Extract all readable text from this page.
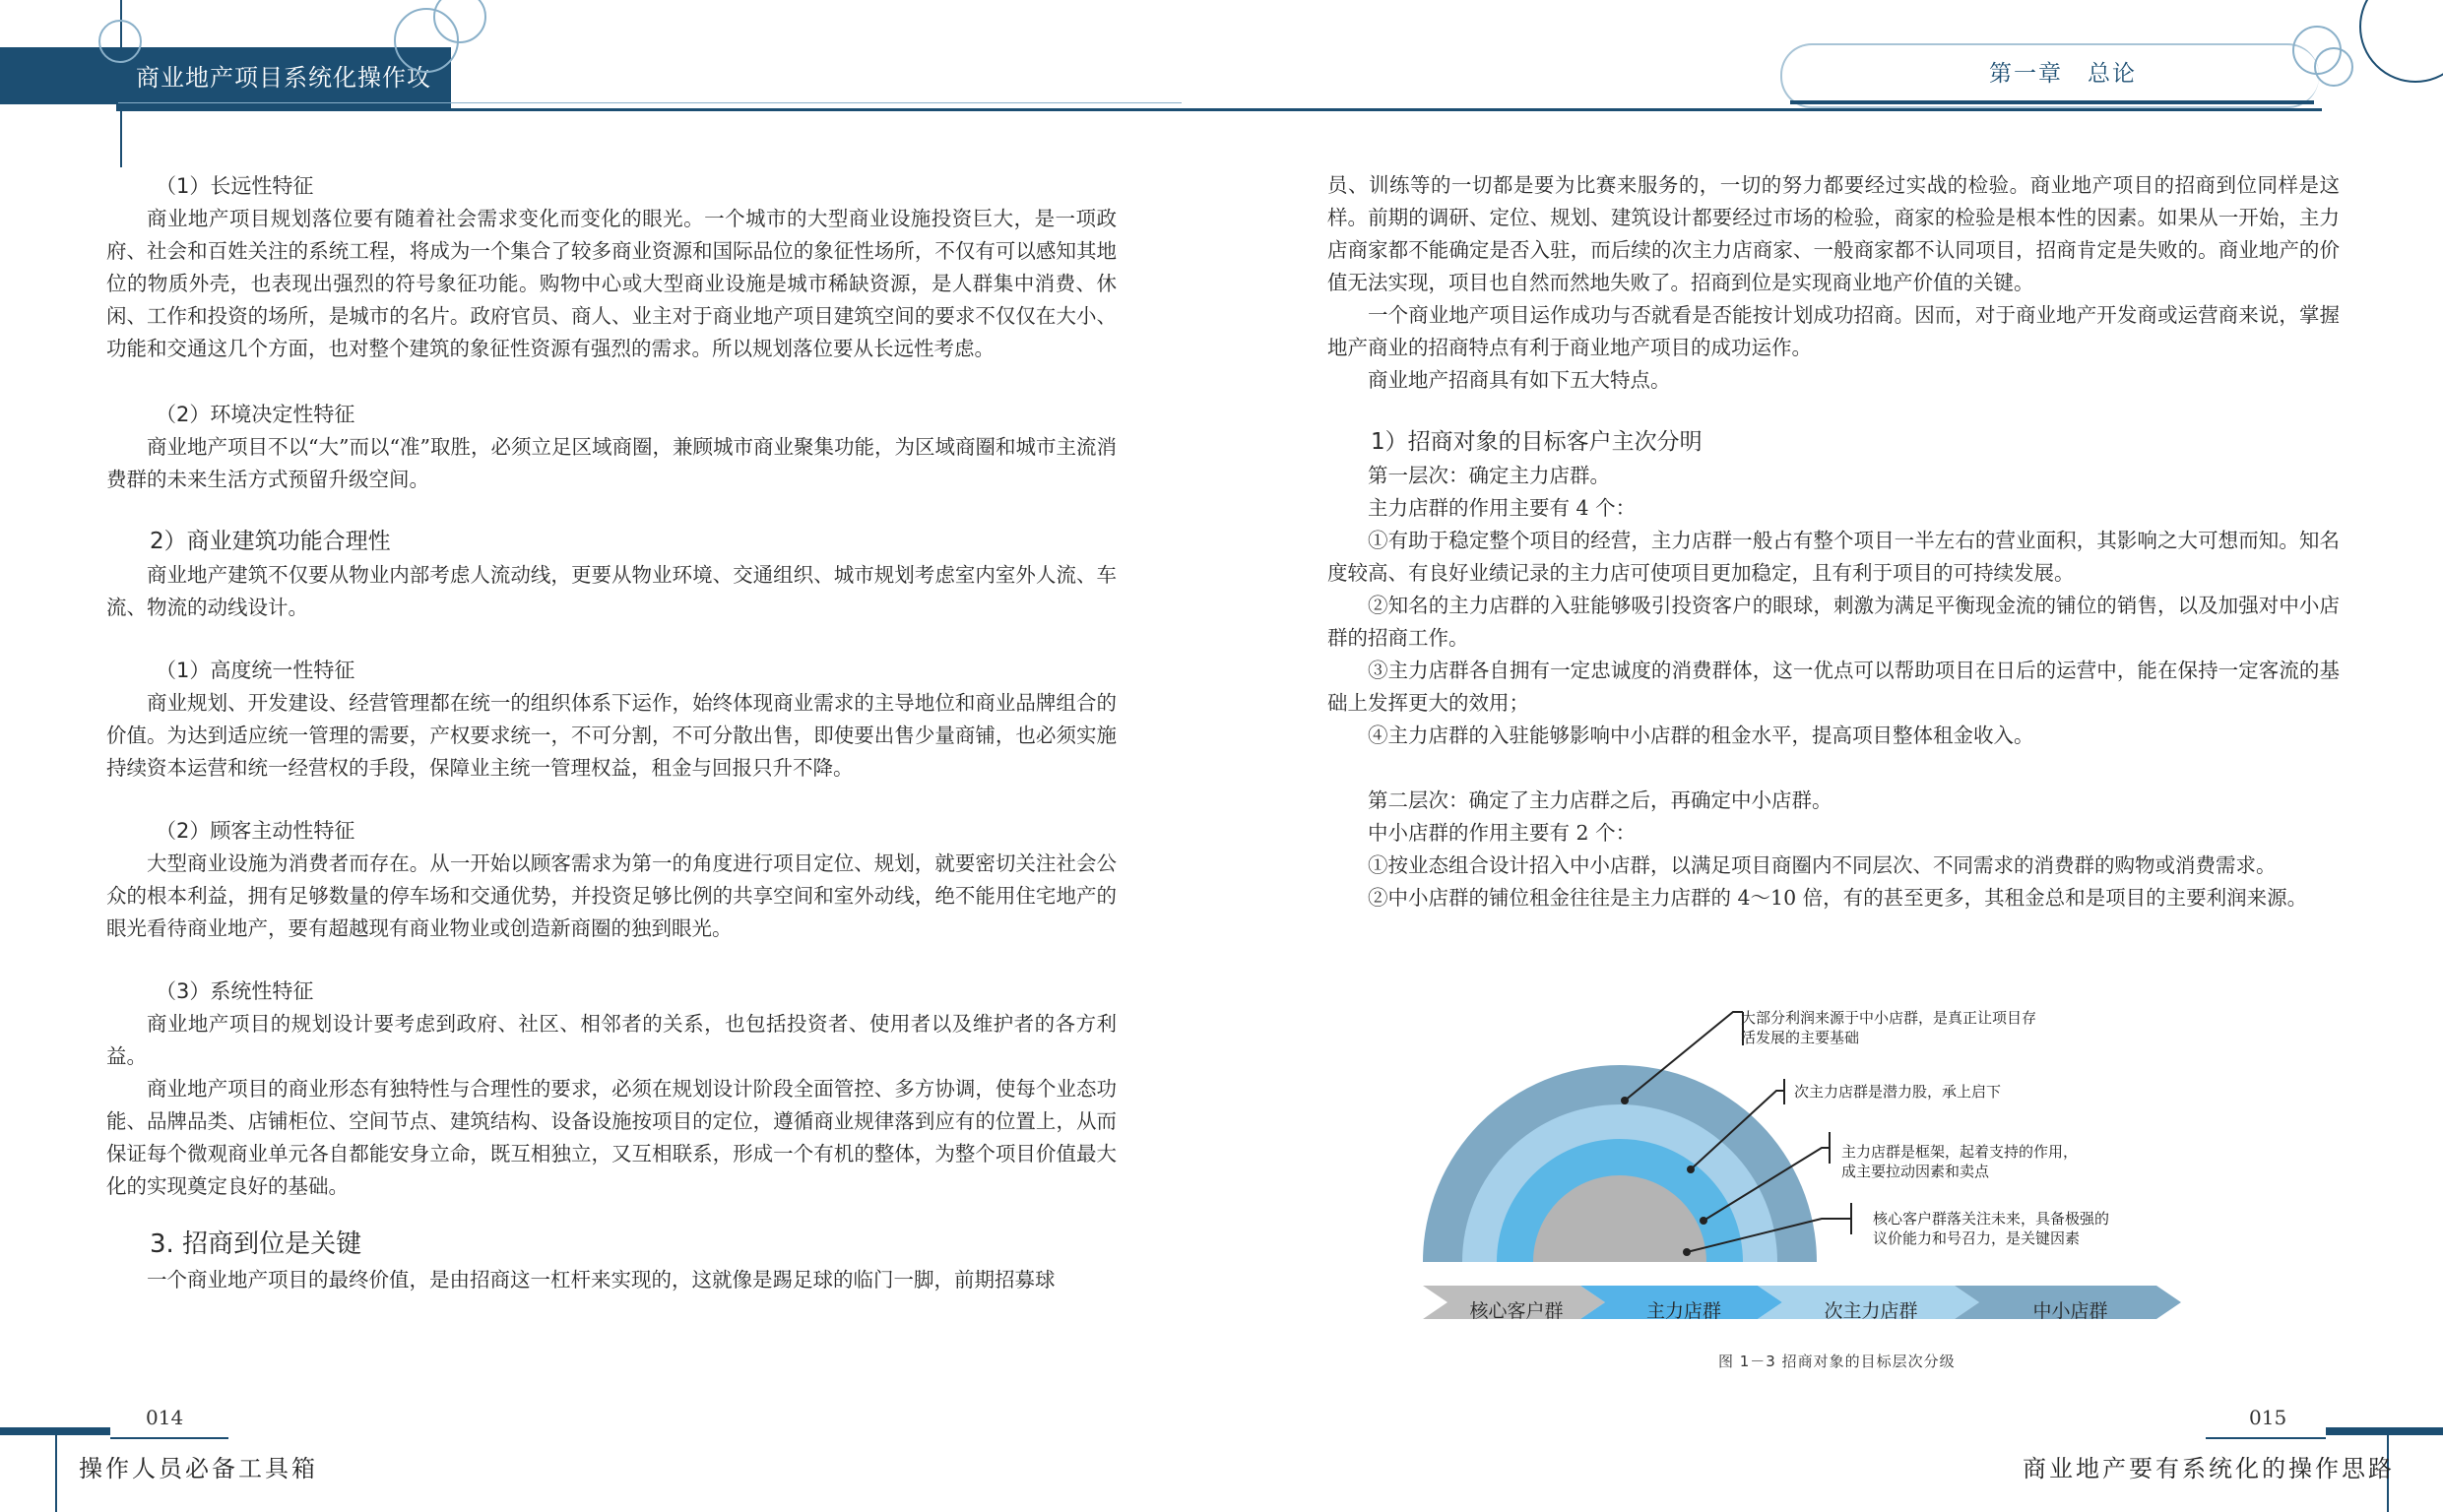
商业地产项目系统化操作攻略
第一章　总论

（1）长远性特征

商业地产项目规划落位要有随着社会需求变化而变化的眼光。一个城市的大型商业设施投资巨大，是一项政府、社会和百姓关注的系统工程，将成为一个集合了较多商业资源和国际品位的象征性场所，不仅有可以感知其地位的物质外壳，也表现出强烈的符号象征功能。购物中心或大型商业设施是城市稀缺资源，是人群集中消费、休闲、工作和投资的场所，是城市的名片。政府官员、商人、业主对于商业地产项目建筑空间的要求不仅仅在大小、功能和交通这几个方面，也对整个建筑的象征性资源有强烈的需求。所以规划落位要从长远性考虑。

（2）环境决定性特征

商业地产项目不以“大”而以“准”取胜，必须立足区域商圈，兼顾城市商业聚集功能，为区域商圈和城市主流消费群的未来生活方式预留升级空间。

2）商业建筑功能合理性

商业地产建筑不仅要从物业内部考虑人流动线，更要从物业环境、交通组织、城市规划考虑室内室外人流、车流、物流的动线设计。

（1）高度统一性特征

商业规划、开发建设、经营管理都在统一的组织体系下运作，始终体现商业需求的主导地位和商业品牌组合的价值。为达到适应统一管理的需要，产权要求统一，不可分割，不可分散出售，即使要出售少量商铺，也必须实施持续资本运营和统一经营权的手段，保障业主统一管理权益，租金与回报只升不降。

（2）顾客主动性特征

大型商业设施为消费者而存在。从一开始以顾客需求为第一的角度进行项目定位、规划，就要密切关注社会公众的根本利益，拥有足够数量的停车场和交通优势，并投资足够比例的共享空间和室外动线，绝不能用住宅地产的眼光看待商业地产，要有超越现有商业物业或创造新商圈的独到眼光。

（3）系统性特征

商业地产项目的规划设计要考虑到政府、社区、相邻者的关系，也包括投资者、使用者以及维护者的各方利益。

商业地产项目的商业形态有独特性与合理性的要求，必须在规划设计阶段全面管控、多方协调，使每个业态功能、品牌品类、店铺柜位、空间节点、建筑结构、设备设施按项目的定位，遵循商业规律落到应有的位置上，从而保证每个微观商业单元各自都能安身立命，既互相独立，又互相联系，形成一个有机的整体，为整个项目价值最大化的实现奠定良好的基础。

3. 招商到位是关键

一个商业地产项目的最终价值，是由招商这一杠杆来实现的，这就像是踢足球的临门一脚，前期招募球

员、训练等的一切都是要为比赛来服务的，一切的努力都要经过实战的检验。商业地产项目的招商到位同样是这样。前期的调研、定位、规划、建筑设计都要经过市场的检验，商家的检验是根本性的因素。如果从一开始，主力店商家都不能确定是否入驻，而后续的次主力店商家、一般商家都不认同项目，招商肯定是失败的。商业地产的价值无法实现，项目也自然而然地失败了。招商到位是实现商业地产价值的关键。

一个商业地产项目运作成功与否就看是否能按计划成功招商。因而，对于商业地产开发商或运营商来说，掌握地产商业的招商特点有利于商业地产项目的成功运作。

商业地产招商具有如下五大特点。

1）招商对象的目标客户主次分明

第一层次：确定主力店群。

主力店群的作用主要有 4 个：

①有助于稳定整个项目的经营，主力店群一般占有整个项目一半左右的营业面积，其影响之大可想而知。知名度较高、有良好业绩记录的主力店可使项目更加稳定，且有利于项目的可持续发展。

②知名的主力店群的入驻能够吸引投资客户的眼球，刺激为满足平衡现金流的铺位的销售，以及加强对中小店群的招商工作。

③主力店群各自拥有一定忠诚度的消费群体，这一优点可以帮助项目在日后的运营中，能在保持一定客流的基础上发挥更大的效用；

④主力店群的入驻能够影响中小店群的租金水平，提高项目整体租金收入。

第二层次：确定了主力店群之后，再确定中小店群。

中小店群的作用主要有 2 个：

①按业态组合设计招入中小店群，以满足项目商圈内不同层次、不同需求的消费群的购物或消费需求。

②中小店群的铺位租金往往是主力店群的 4～10 倍，有的甚至更多，其租金总和是项目的主要利润来源。

大部分利润来源于中小店群，是真正让项目存
活发展的主要基础
次主力店群是潜力股，承上启下
主力店群是框架，起着支持的作用，
成主要拉动因素和卖点
核心客户群落关注未来，具备极强的
议价能力和号召力，是关键因素
核心客户群	主力店群	次主力店群	中小店群
图 1－3 招商对象的目标层次分级
014
操作人员必备工具箱
015
商业地产要有系统化的操作思路
